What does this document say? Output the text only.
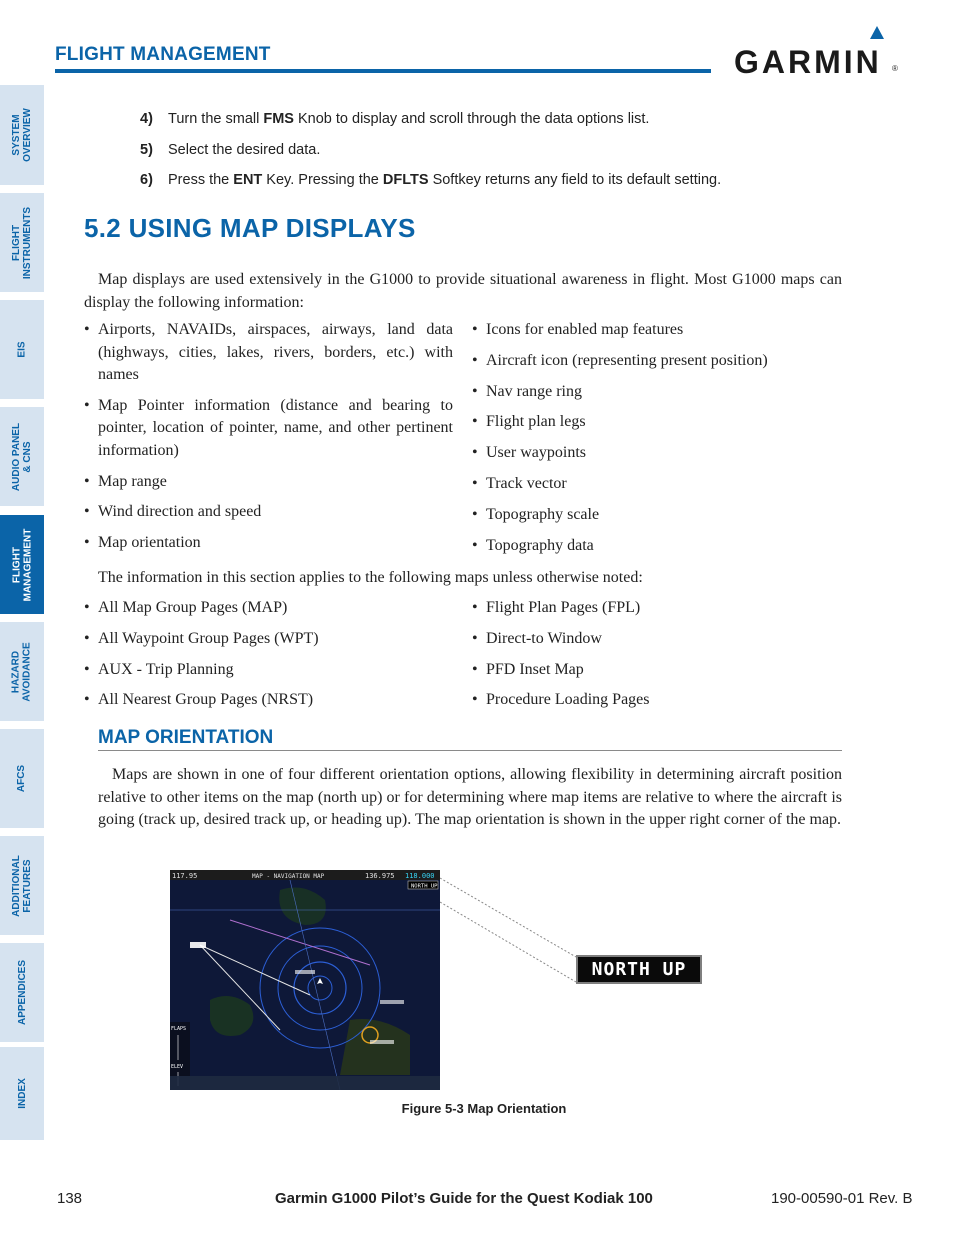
FLIGHT MANAGEMENT	GARMIN ®
SYSTEM
OVERVIEW
FLIGHT
INSTRUMENTS
EIS
AUDIO PANEL
& CNS
FLIGHT
MANAGEMENT
HAZARD
AVOIDANCE
AFCS
ADDITIONAL
FEATURES
APPENDICES
INDEX
4) Turn the small FMS Knob to display and scroll through the data options list.
5) Select the desired data.
6) Press the ENT Key. Pressing the DFLTS Softkey returns any field to its default setting.
5.2 USING MAP DISPLAYS

Map displays are used extensively in the G1000 to provide situational awareness in flight. Most G1000 maps can display the following information:

• Airports, NAVAIDs, airspaces, airways, land data (highways, cities, lakes, rivers, borders, etc.) with names
• Map Pointer information (distance and bearing to pointer, location of pointer, name, and other pertinent information)
• Map range
• Wind direction and speed
• Map orientation
• Icons for enabled map features
• Aircraft icon (representing present position)
• Nav range ring
• Flight plan legs
• User waypoints
• Track vector
• Topography scale
• Topography data

The information in this section applies to the following maps unless otherwise noted:

• All Map Group Pages (MAP)
• All Waypoint Group Pages (WPT)
• AUX - Trip Planning
• All Nearest Group Pages (NRST)
• Flight Plan Pages (FPL)
• Direct-to Window
• PFD Inset Map
• Procedure Loading Pages
MAP ORIENTATION

Maps are shown in one of four different orientation options, allowing flexibility in determining aircraft position relative to other items on the map (north up) or for determining where map items are relative to where the aircraft is going (track up, desired track up, or heading up). The map orientation is shown in the upper right corner of the map.

117.95	MAP - NAVIGATION MAP	136.975 118.000
NORTH UP
FLAPS
ELEV
NORTH UP
Figure 5-3 Map Orientation
138	Garmin G1000 Pilot’s Guide for the Quest Kodiak 100	190-00590-01 Rev. B
